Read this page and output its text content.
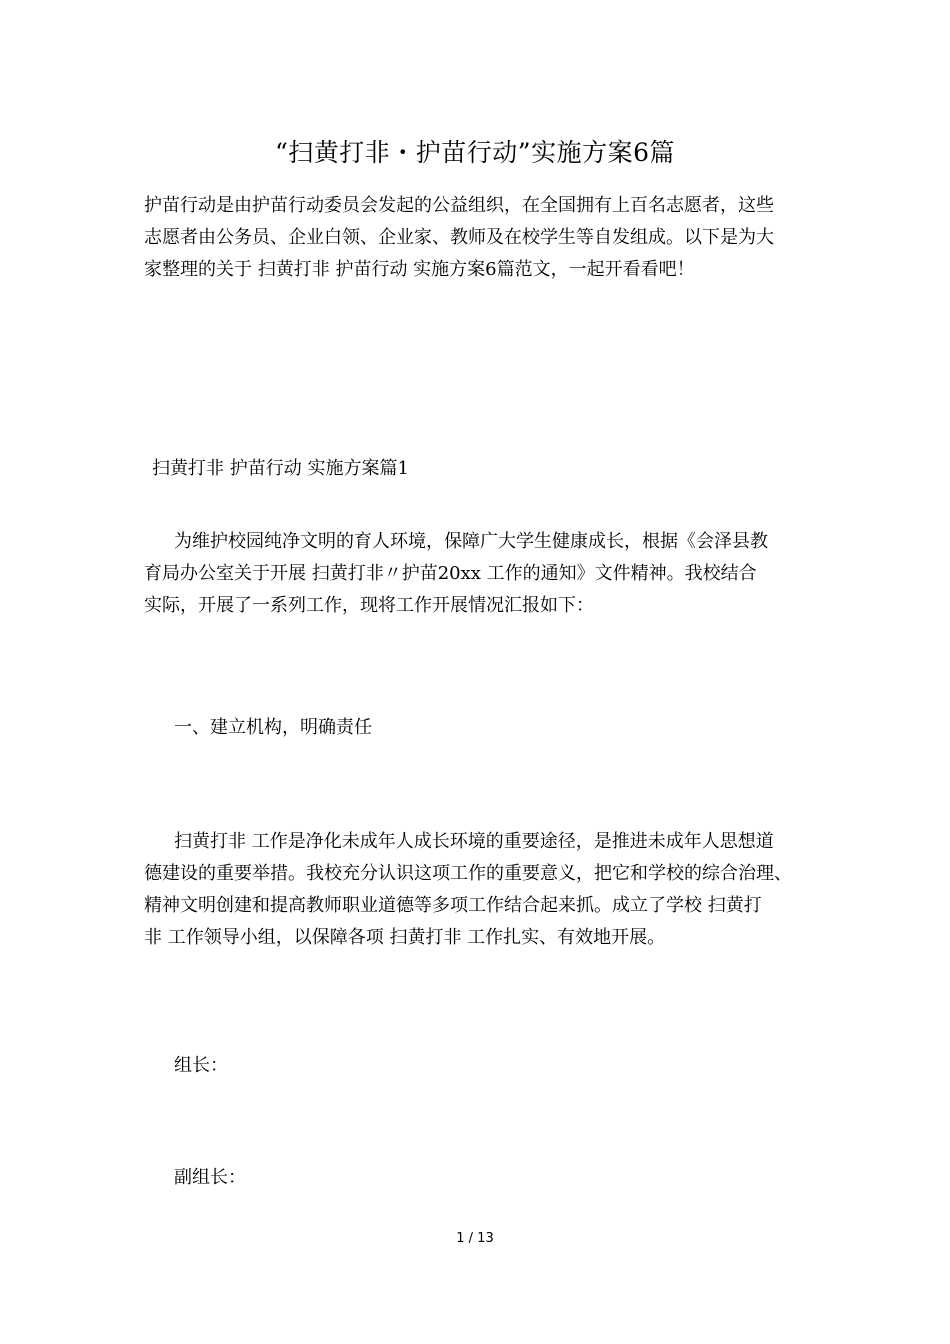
“扫黄打非・护苗行动”实施方案6篇

护苗行动是由护苗行动委员会发起的公益组织，在全国拥有上百名志愿者，这些
志愿者由公务员、企业白领、企业家、教师及在校学生等自发组成。以下是为大
家整理的关于 扫黄打非 护苗行动 实施方案6篇范文，一起开看看吧！

扫黄打非 护苗行动 实施方案篇1

为维护校园纯净文明的育人环境，保障广大学生健康成长，根据《会泽县教
育局办公室关于开展 扫黄打非〃护苗20xx 工作的通知》文件精神。我校结合
实际，开展了一系列工作，现将工作开展情况汇报如下：

一、建立机构，明确责任

扫黄打非 工作是净化未成年人成长环境的重要途径，是推进未成年人思想道
德建设的重要举措。我校充分认识这项工作的重要意义，把它和学校的综合治理、
精神文明创建和提高教师职业道德等多项工作结合起来抓。成立了学校 扫黄打
非 工作领导小组，以保障各项 扫黄打非 工作扎实、有效地开展。

组长：
副组长：
1 / 13
